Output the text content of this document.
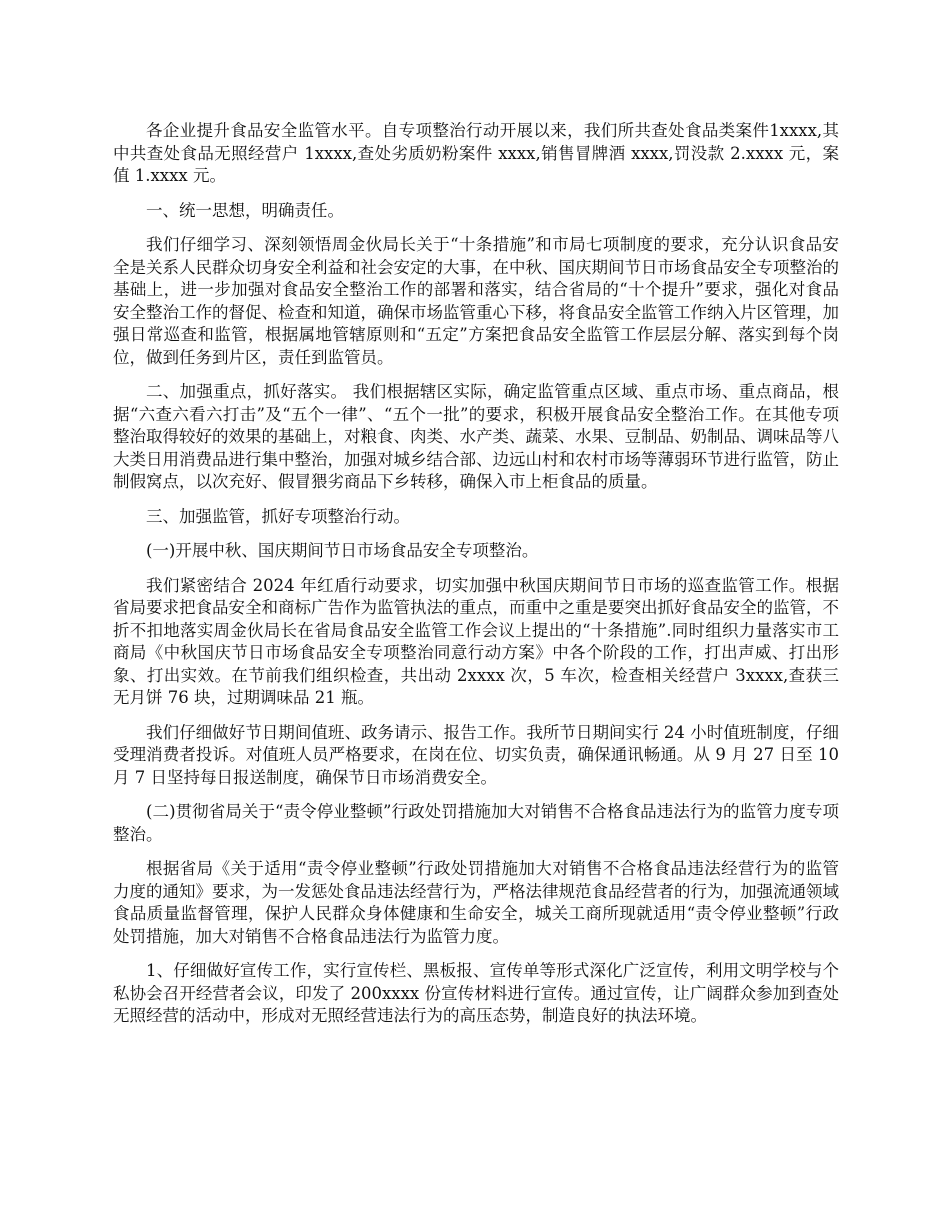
各企业提升食品安全监管水平。自专项整治行动开展以来，我们所共查处食品类案件1xxxx,其中共查处食品无照经营户 1xxxx,查处劣质奶粉案件 xxxx,销售冒牌酒 xxxx,罚没款 2.xxxx 元，案值 1.xxxx 元。

一、统一思想，明确责任。

我们仔细学习、深刻领悟周金伙局长关于“十条措施”和市局七项制度的要求，充分认识食品安全是关系人民群众切身安全利益和社会安定的大事，在中秋、国庆期间节日市场食品安全专项整治的基础上，进一步加强对食品安全整治工作的部署和落实，结合省局的“十个提升”要求，强化对食品安全整治工作的督促、检查和知道，确保市场监管重心下移，将食品安全监管工作纳入片区管理，加强日常巡查和监管，根据属地管辖原则和“五定”方案把食品安全监管工作层层分解、落实到每个岗位，做到任务到片区，责任到监管员。

二、加强重点，抓好落实。 我们根据辖区实际，确定监管重点区域、重点市场、重点商品，根据“六查六看六打击”及“五个一律”、“五个一批”的要求，积极开展食品安全整治工作。在其他专项整治取得较好的效果的基础上，对粮食、肉类、水产类、蔬菜、水果、豆制品、奶制品、调味品等八大类日用消费品进行集中整治，加强对城乡结合部、边远山村和农村市场等薄弱环节进行监管，防止制假窝点，以次充好、假冒猥劣商品下乡转移，确保入市上柜食品的质量。

三、加强监管，抓好专项整治行动。

(一)开展中秋、国庆期间节日市场食品安全专项整治。

我们紧密结合 2024 年红盾行动要求，切实加强中秋国庆期间节日市场的巡查监管工作。根据省局要求把食品安全和商标广告作为监管执法的重点，而重中之重是要突出抓好食品安全的监管，不折不扣地落实周金伙局长在省局食品安全监管工作会议上提出的“十条措施”.同时组织力量落实市工商局《中秋国庆节日市场食品安全专项整治同意行动方案》中各个阶段的工作，打出声威、打出形象、打出实效。在节前我们组织检查，共出动 2xxxx 次，5 车次，检查相关经营户 3xxxx,查获三无月饼 76 块，过期调味品 21 瓶。

我们仔细做好节日期间值班、政务请示、报告工作。我所节日期间实行 24 小时值班制度，仔细受理消费者投诉。对值班人员严格要求，在岗在位、切实负责，确保通讯畅通。从 9 月 27 日至 10 月 7 日坚持每日报送制度，确保节日市场消费安全。

(二)贯彻省局关于“责令停业整顿”行政处罚措施加大对销售不合格食品违法行为的监管力度专项整治。

根据省局《关于适用“责令停业整顿”行政处罚措施加大对销售不合格食品违法经营行为的监管力度的通知》要求，为一发惩处食品违法经营行为，严格法律规范食品经营者的行为，加强流通领域食品质量监督管理，保护人民群众身体健康和生命安全，城关工商所现就适用“责令停业整顿”行政处罚措施，加大对销售不合格食品违法行为监管力度。

1、仔细做好宣传工作，实行宣传栏、黑板报、宣传单等形式深化广泛宣传，利用文明学校与个私协会召开经营者会议，印发了 200xxxx 份宣传材料进行宣传。通过宣传，让广阔群众参加到查处无照经营的活动中，形成对无照经营违法行为的高压态势，制造良好的执法环境。
